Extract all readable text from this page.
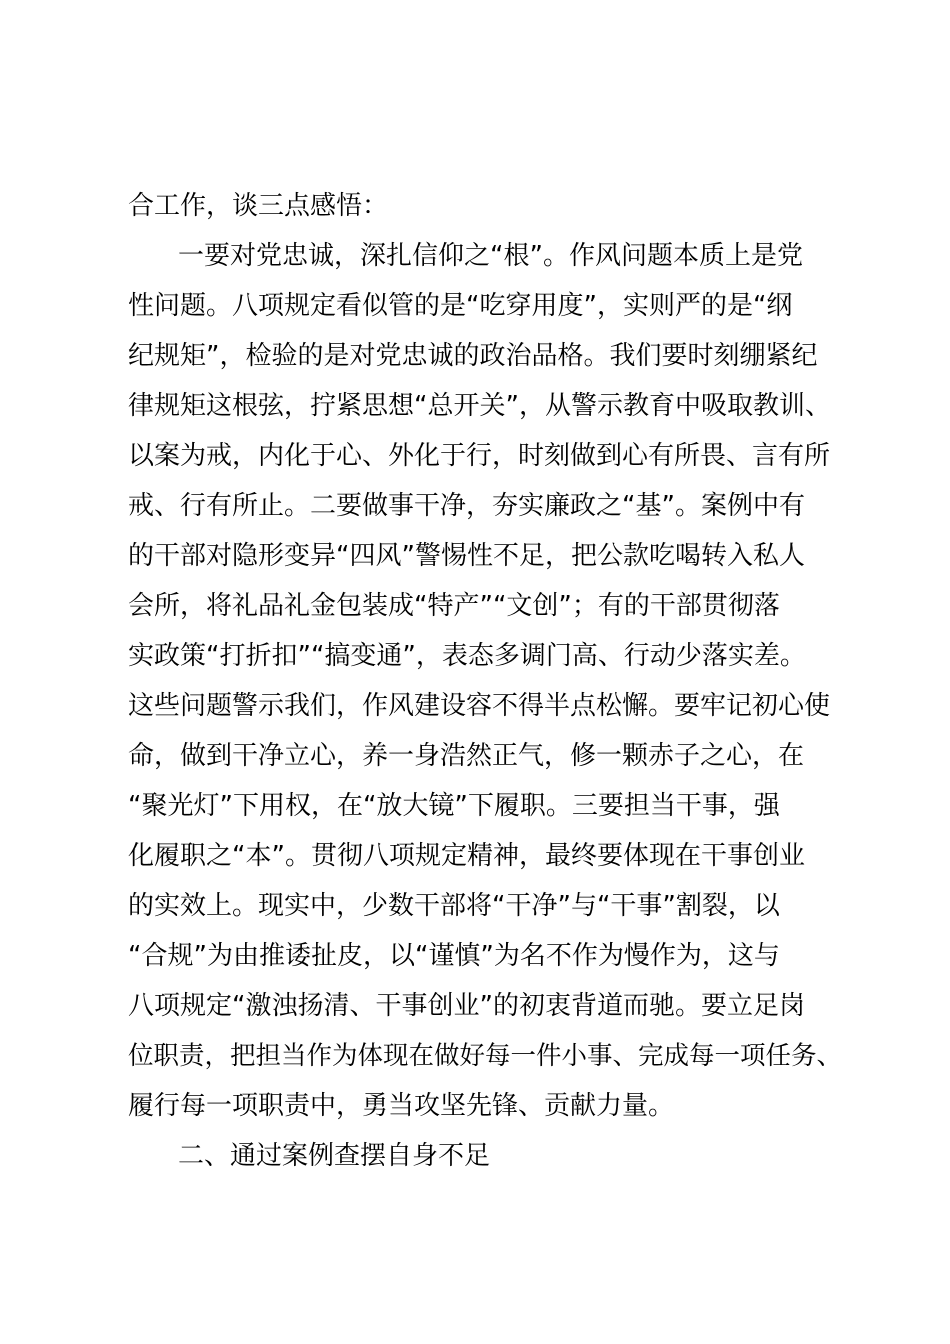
合工作，谈三点感悟：
一要对党忠诚，深扎信仰之“根”。作风问题本质上是党
性问题。八项规定看似管的是“吃穿用度”，实则严的是“纲
纪规矩”，检验的是对党忠诚的政治品格。我们要时刻绷紧纪
律规矩这根弦，拧紧思想“总开关”，从警示教育中吸取教训、
以案为戒，内化于心、外化于行，时刻做到心有所畏、言有所
戒、行有所止。二要做事干净，夯实廉政之“基”。案例中有
的干部对隐形变异“四风”警惕性不足，把公款吃喝转入私人
会所，将礼品礼金包装成“特产”“文创”；有的干部贯彻落
实政策“打折扣”“搞变通”，表态多调门高、行动少落实差。
这些问题警示我们，作风建设容不得半点松懈。要牢记初心使
命，做到干净立心，养一身浩然正气，修一颗赤子之心，在
“聚光灯”下用权，在“放大镜”下履职。三要担当干事，强
化履职之“本”。贯彻八项规定精神，最终要体现在干事创业
的实效上。现实中，少数干部将“干净”与“干事”割裂，以
“合规”为由推诿扯皮，以“谨慎”为名不作为慢作为，这与
八项规定“激浊扬清、干事创业”的初衷背道而驰。要立足岗
位职责，把担当作为体现在做好每一件小事、完成每一项任务、
履行每一项职责中，勇当攻坚先锋、贡献力量。
二、通过案例查摆自身不足
